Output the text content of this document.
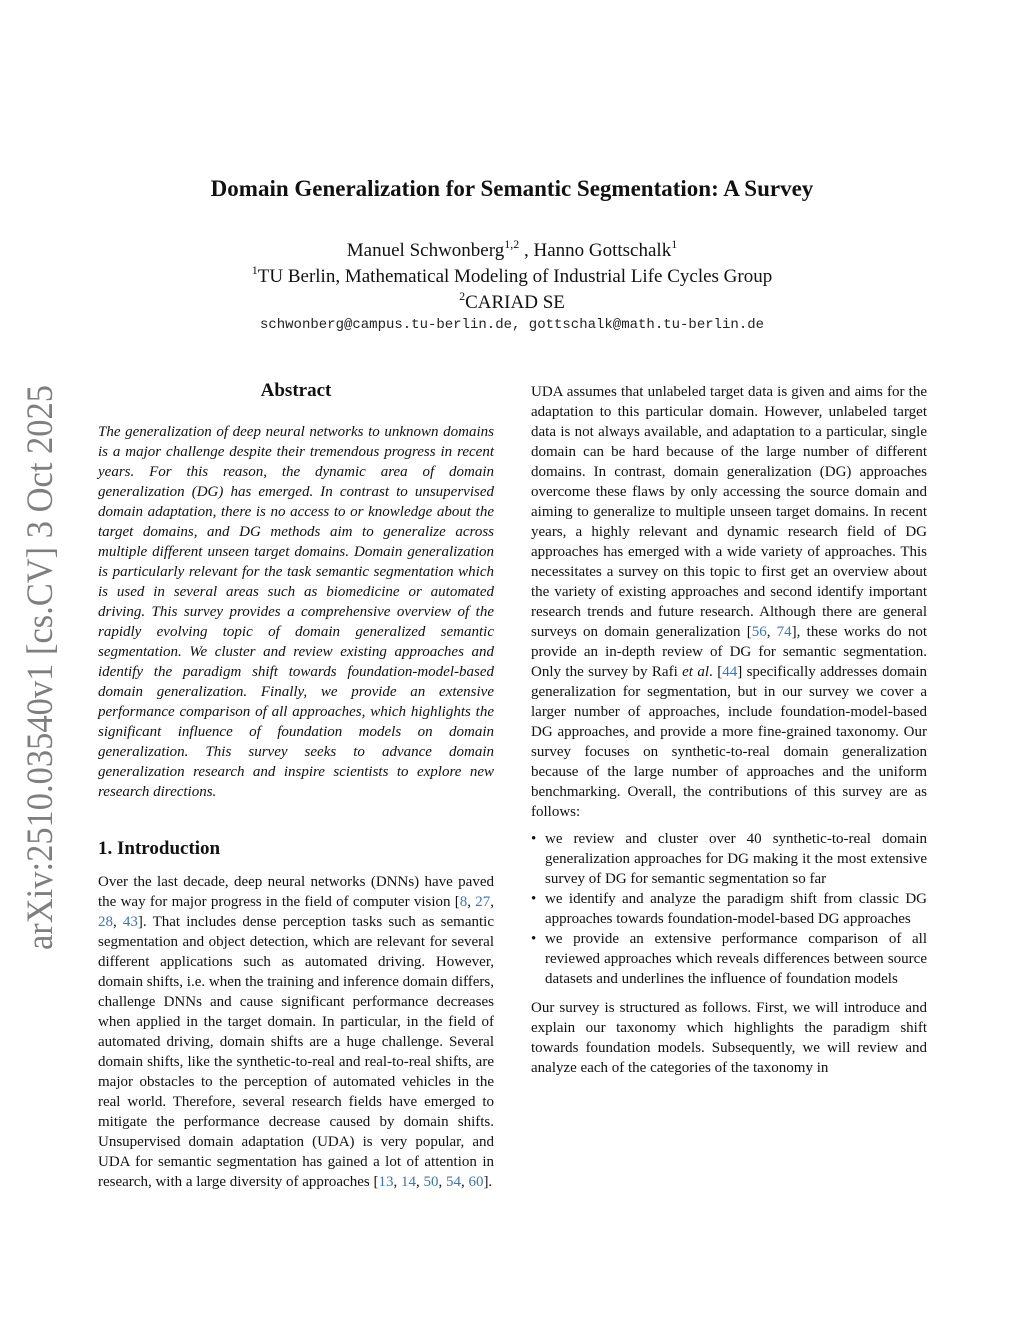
arXiv:2510.03540v1 [cs.CV] 3 Oct 2025
Domain Generalization for Semantic Segmentation: A Survey
Manuel Schwonberg$^{1,2}$ , Hanno Gottschalk$^1$
$^1$TU Berlin, Mathematical Modeling of Industrial Life Cycles Group
$^2$CARIAD SE
schwonberg@campus.tu-berlin.de, gottschalk@math.tu-berlin.de
Abstract

The generalization of deep neural networks to unknown domains is a major challenge despite their tremendous progress in recent years. For this reason, the dynamic area of domain generalization (DG) has emerged. In contrast to unsupervised domain adaptation, there is no access to or knowledge about the target domains, and DG methods aim to generalize across multiple different unseen target domains. Domain generalization is particularly relevant for the task semantic segmentation which is used in several areas such as biomedicine or automated driving. This survey provides a comprehensive overview of the rapidly evolving topic of domain generalized semantic segmentation. We cluster and review existing approaches and identify the paradigm shift towards foundation-model-based domain generalization. Finally, we provide an extensive performance comparison of all approaches, which highlights the significant influence of foundation models on domain generalization. This survey seeks to advance domain generalization research and inspire scientists to explore new research directions.

1. Introduction
Over the last decade, deep neural networks (DNNs) have paved the way for major progress in the field of computer vision [8, 27, 28, 43]. That includes dense perception tasks such as semantic segmentation and object detection, which are relevant for several different applications such as automated driving. However, domain shifts, i.e. when the training and inference domain differs, challenge DNNs and cause significant performance decreases when applied in the target domain. In particular, in the field of automated driving, domain shifts are a huge challenge. Several domain shifts, like the synthetic-to-real and real-to-real shifts, are major obstacles to the perception of automated vehicles in the real world. Therefore, several research fields have emerged to mitigate the performance decrease caused by domain shifts. Unsupervised domain adaptation (UDA) is very popular, and UDA for semantic segmentation has gained a lot of attention in research, with a large diversity of approaches [13, 14, 50, 54, 60].
UDA assumes that unlabeled target data is given and aims for the adaptation to this particular domain. However, unlabeled target data is not always available, and adaptation to a particular, single domain can be hard because of the large number of different domains. In contrast, domain generalization (DG) approaches overcome these flaws by only accessing the source domain and aiming to generalize to multiple unseen target domains. In recent years, a highly relevant and dynamic research field of DG approaches has emerged with a wide variety of approaches. This necessitates a survey on this topic to first get an overview about the variety of existing approaches and second identify important research trends and future research. Although there are general surveys on domain generalization [56, 74], these works do not provide an in-depth review of DG for semantic segmentation. Only the survey by Rafi et al. [44] specifically addresses domain generalization for segmentation, but in our survey we cover a larger number of approaches, include foundation-model-based DG approaches, and provide a more fine-grained taxonomy. Our survey focuses on synthetic-to-real domain generalization because of the large number of approaches and the uniform benchmarking. Overall, the contributions of this survey are as follows:
• we review and cluster over 40 synthetic-to-real domain generalization approaches for DG making it the most extensive survey of DG for semantic segmentation so far
• we identify and analyze the paradigm shift from classic DG approaches towards foundation-model-based DG approaches
• we provide an extensive performance comparison of all reviewed approaches which reveals differences between source datasets and underlines the influence of foundation models

Our survey is structured as follows. First, we will introduce and explain our taxonomy which highlights the paradigm shift towards foundation models. Subsequently, we will review and analyze each of the categories of the taxonomy in
